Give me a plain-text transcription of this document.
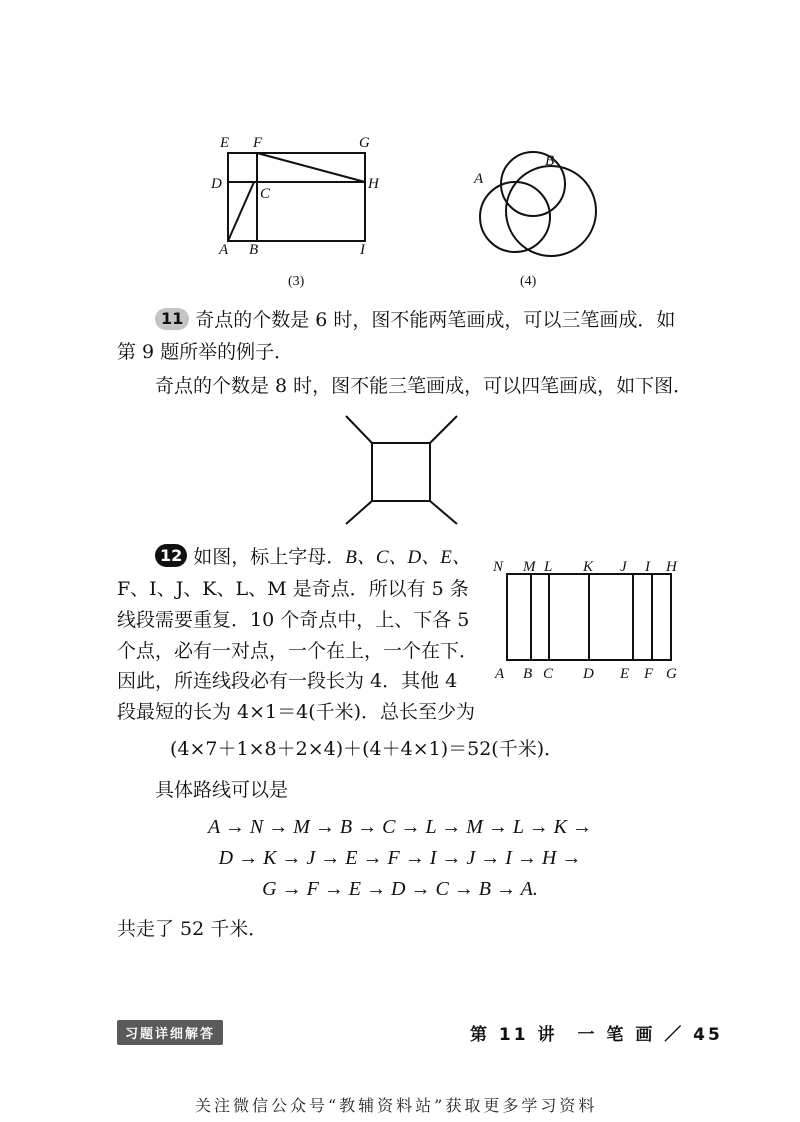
E F	G
D
C
H
A B	I
(3)
A
B
(4)
11 奇点的个数是 6 时，图不能两笔画成，可以三笔画成．如
第 9 题所举的例子．
奇点的个数是 8 时，图不能三笔画成，可以四笔画成，如下图．
12 如图，标上字母．B、C、D、E、
F、I、J、K、L、M 是奇点．所以有 5 条
线段需要重复．10 个奇点中，上、下各 5
个点，必有一对点，一个在上，一个在下．
因此，所连线段必有一段长为 4．其他 4
段最短的长为 4×1＝4(千米)．总长至少为
N M L K J I H
A B C D E F G
(4×7＋1×8＋2×4)＋(4＋4×1)＝52(千米)．
具体路线可以是
A → N → M → B → C → L → M → L → K →
D → K → J → E → F → I → J → I → H →
G → F → E → D → C → B → A.
共走了 52 千米．
习题详细解答	第 11 讲　一 笔 画 ／ 45
关注微信公众号“教辅资料站”获取更多学习资料
